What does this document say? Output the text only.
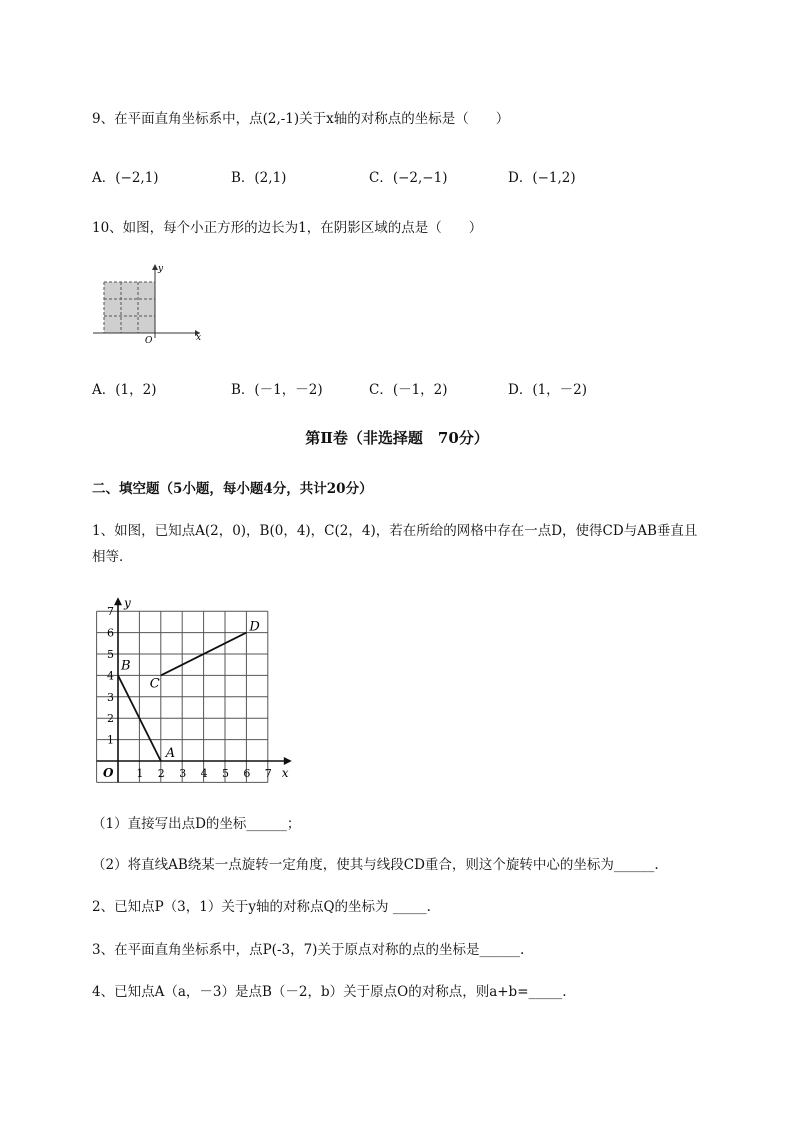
9、在平面直角坐标系中，点(2,-1)关于x轴的对称点的坐标是（　　）
A．(−2,1)	B．(2,1)	C．(−2,−1)	D．(−1,2)
10、如图，每个小正方形的边长为1，在阴影区域的点是（　　）
y
x
O
A．(1，2)	B．(－1，－2)	C．(－1，2)	D．(1，－2)
第Ⅱ卷（非选择题　70分）
二、填空题（5小题，每小题4分，共计20分）
1、如图，已知点A(2，0)，B(0，4)，C(2，4)，若在所给的网格中存在一点D，使得CD与AB垂直且
相等．
1 2 3 4 5 6 7
1
2
3
4
5
6
7
O	x
y
A
B
C
D
（1）直接写出点D的坐标______；
（2）将直线AB绕某一点旋转一定角度，使其与线段CD重合，则这个旋转中心的坐标为______.
2、已知点P（3，1）关于y轴的对称点Q的坐标为 _____.
3、在平面直角坐标系中，点P(-3，7)关于原点对称的点的坐标是______.
4、已知点A（a，－3）是点B（－2，b）关于原点O的对称点，则a+b=_____.
